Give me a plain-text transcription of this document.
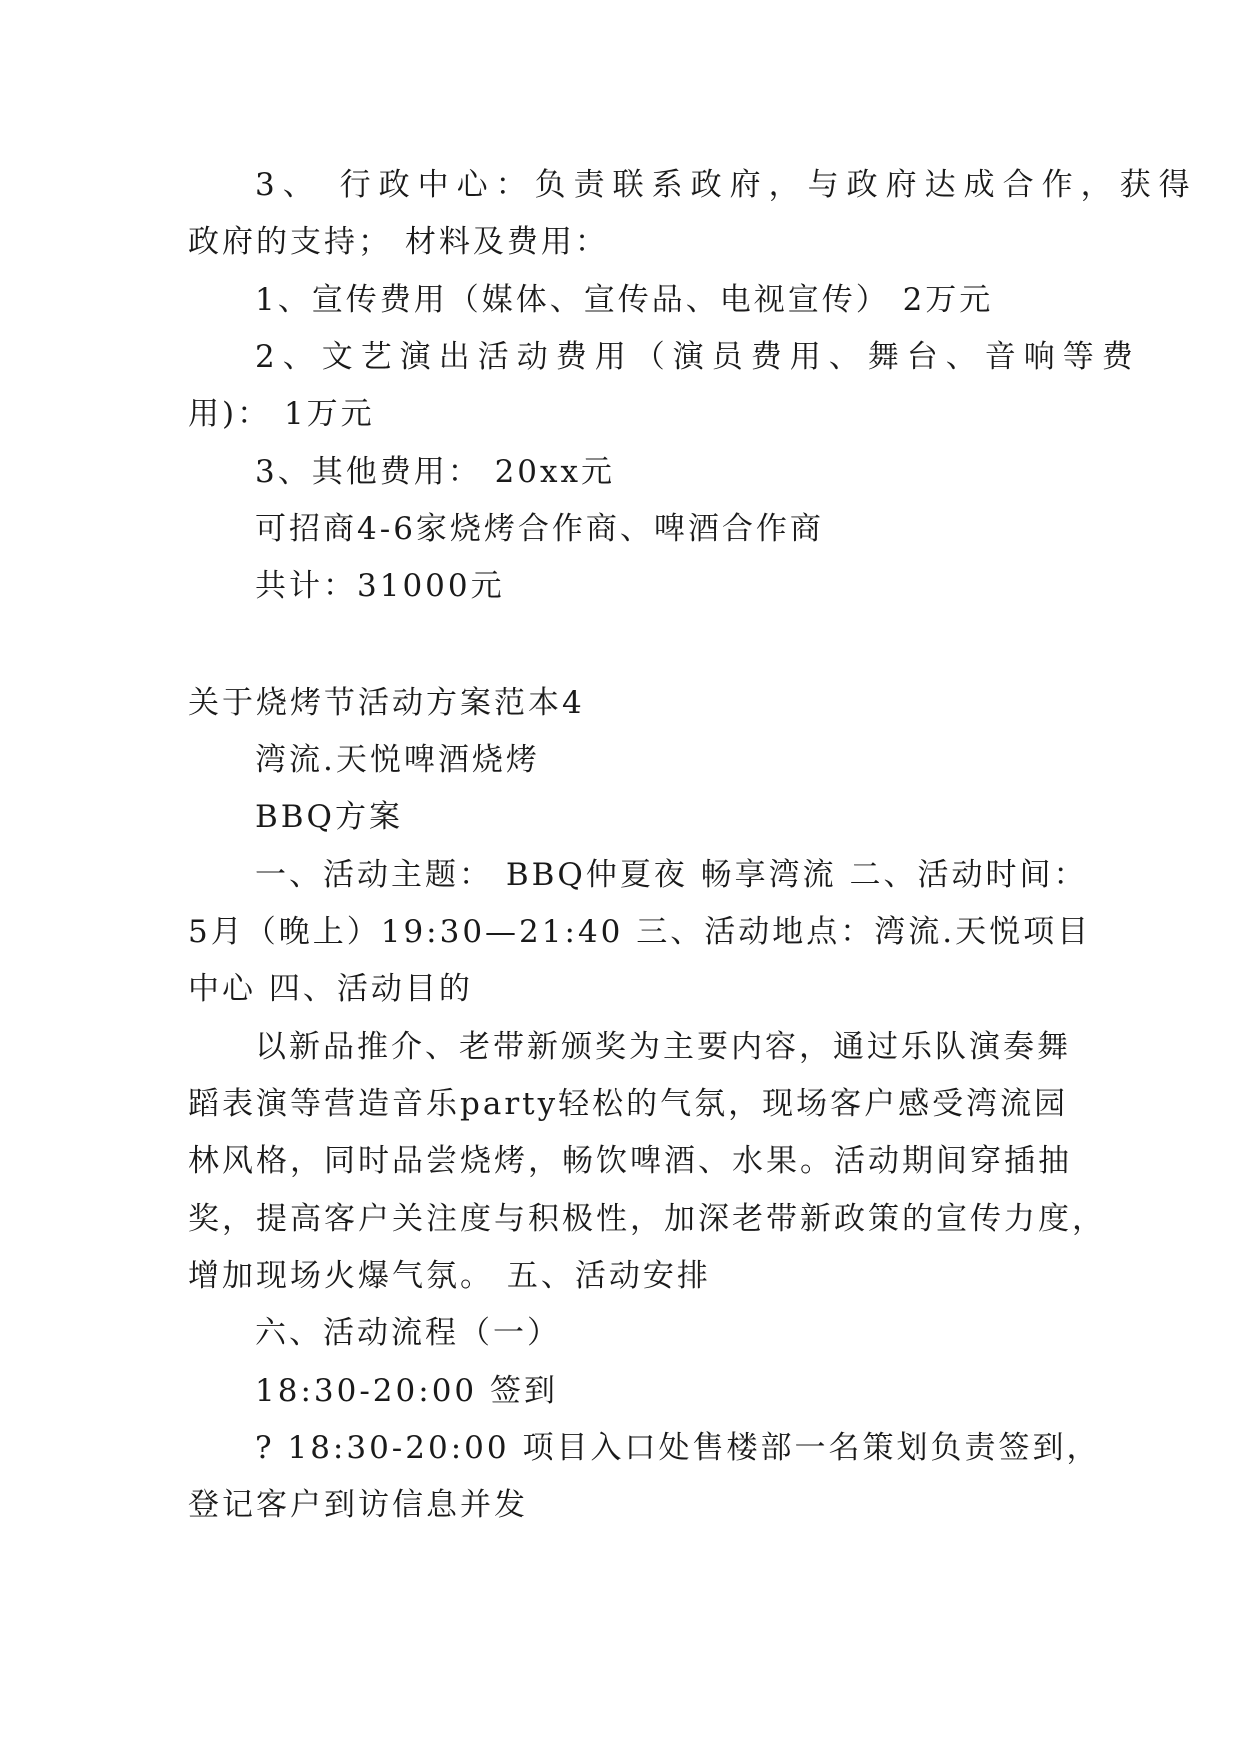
3、 行政中心：负责联系政府，与政府达成合作，获得
政府的支持； 材料及费用：
1、宣传费用（媒体、宣传品、电视宣传） 2万元
2、文艺演出活动费用（演员费用、舞台、音响等费
用)： 1万元
3、其他费用： 20xx元
可招商4-6家烧烤合作商、啤酒合作商
共计：31000元
关于烧烤节活动方案范本4
湾流.天悦啤酒烧烤
BBQ方案
一、活动主题： BBQ仲夏夜 畅享湾流 二、活动时间：
5月（晚上）19:30—21:40 三、活动地点：湾流.天悦项目
中心 四、活动目的
以新品推介、老带新颁奖为主要内容，通过乐队演奏舞
蹈表演等营造音乐party轻松的气氛，现场客户感受湾流园
林风格，同时品尝烧烤，畅饮啤酒、水果。活动期间穿插抽
奖，提高客户关注度与积极性，加深老带新政策的宣传力度，
增加现场火爆气氛。 五、活动安排
六、活动流程（一）
18:30-20:00 签到
? 18:30-20:00 项目入口处售楼部一名策划负责签到，
登记客户到访信息并发
